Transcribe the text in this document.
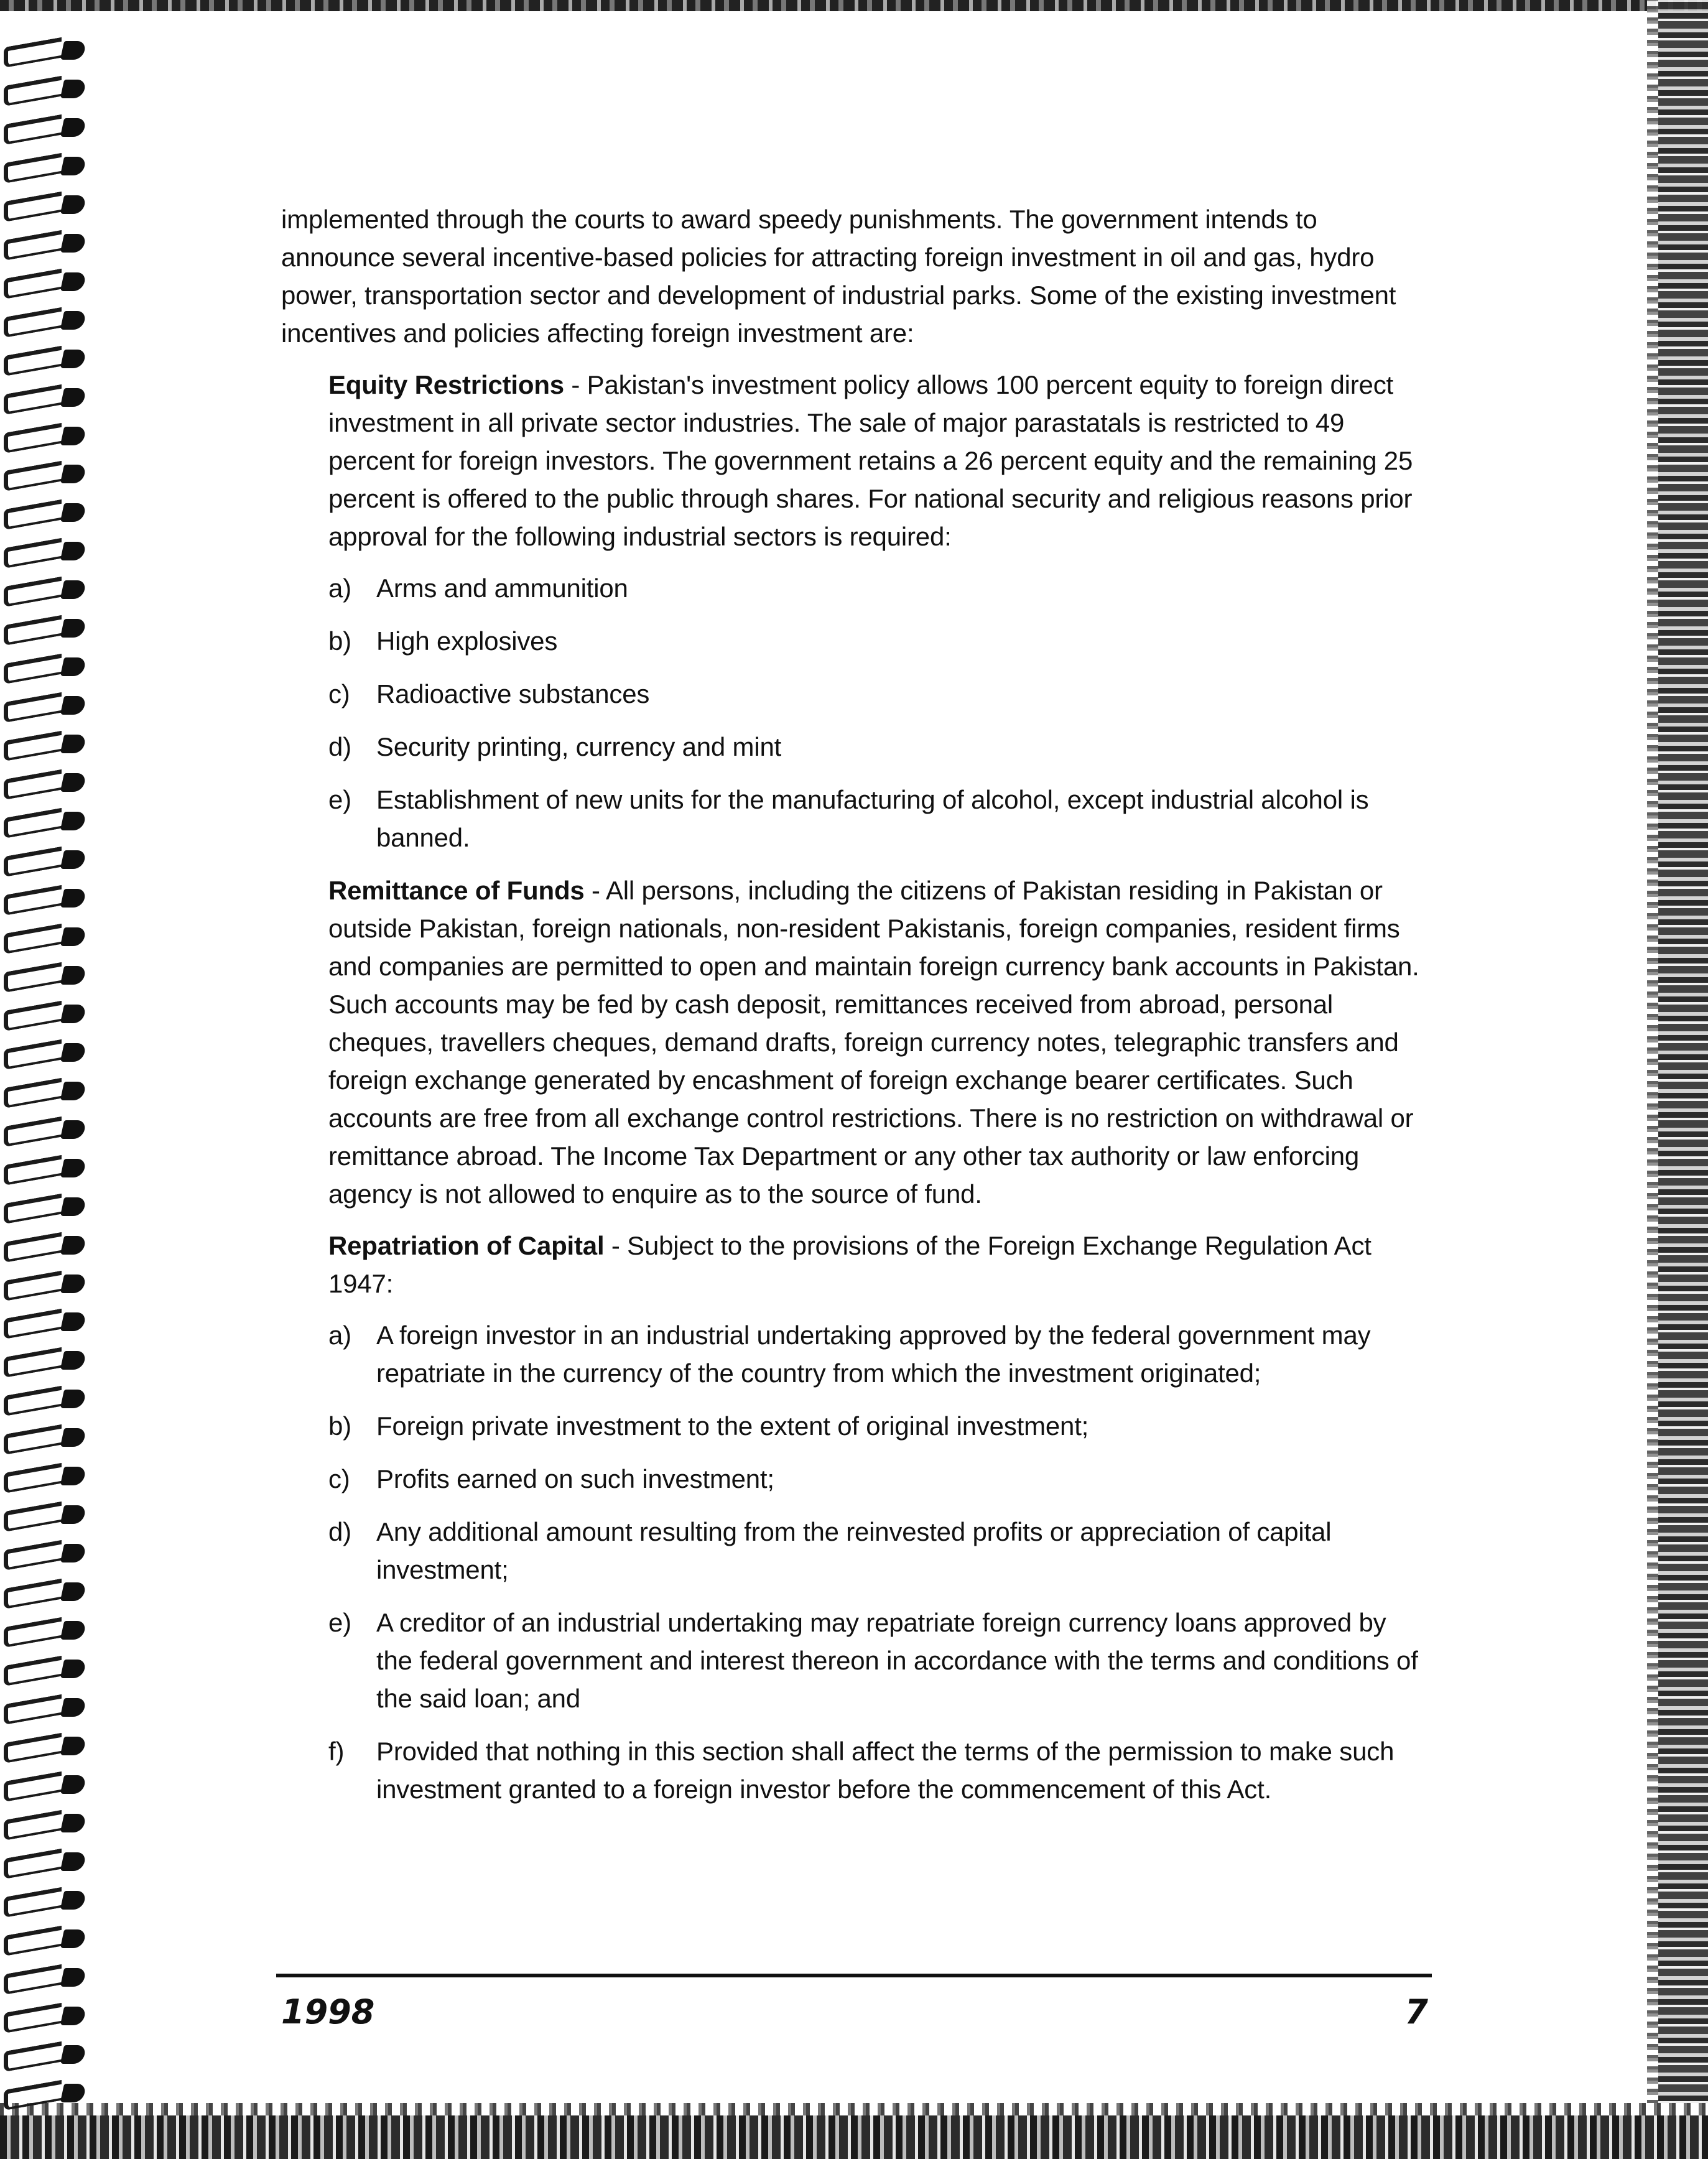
implemented through the courts to award speedy punishments. The government intends to announce several incentive-based policies for attracting foreign investment in oil and gas, hydro power, transportation sector and development of industrial parks. Some of the existing investment incentives and policies affecting foreign investment are:

Equity Restrictions - Pakistan's investment policy allows 100 percent equity to foreign direct investment in all private sector industries. The sale of major parastatals is restricted to 49 percent for foreign investors. The government retains a 26 percent equity and the remaining 25 percent is offered to the public through shares. For national security and religious reasons prior approval for the following industrial sectors is required:

a) Arms and ammunition
b) High explosives
c) Radioactive substances
d) Security printing, currency and mint
e) Establishment of new units for the manufacturing of alcohol, except industrial alcohol is banned.

Remittance of Funds - All persons, including the citizens of Pakistan residing in Pakistan or outside Pakistan, foreign nationals, non-resident Pakistanis, foreign companies, resident firms and companies are permitted to open and maintain foreign currency bank accounts in Pakistan. Such accounts may be fed by cash deposit, remittances received from abroad, personal cheques, travellers cheques, demand drafts, foreign currency notes, telegraphic transfers and foreign exchange generated by encashment of foreign exchange bearer certificates. Such accounts are free from all exchange control restrictions. There is no restriction on withdrawal or remittance abroad. The Income Tax Department or any other tax authority or law enforcing agency is not allowed to enquire as to the source of fund.

Repatriation of Capital - Subject to the provisions of the Foreign Exchange Regulation Act 1947:

a) A foreign investor in an industrial undertaking approved by the federal government may repatriate in the currency of the country from which the investment originated;
b) Foreign private investment to the extent of original investment;
c) Profits earned on such investment;
d) Any additional amount resulting from the reinvested profits or appreciation of capital investment;
e) A creditor of an industrial undertaking may repatriate foreign currency loans approved by the federal government and interest thereon in accordance with the terms and conditions of the said loan; and
f) Provided that nothing in this section shall affect the terms of the permission to make such investment granted to a foreign investor before the commencement of this Act.
1998	7
